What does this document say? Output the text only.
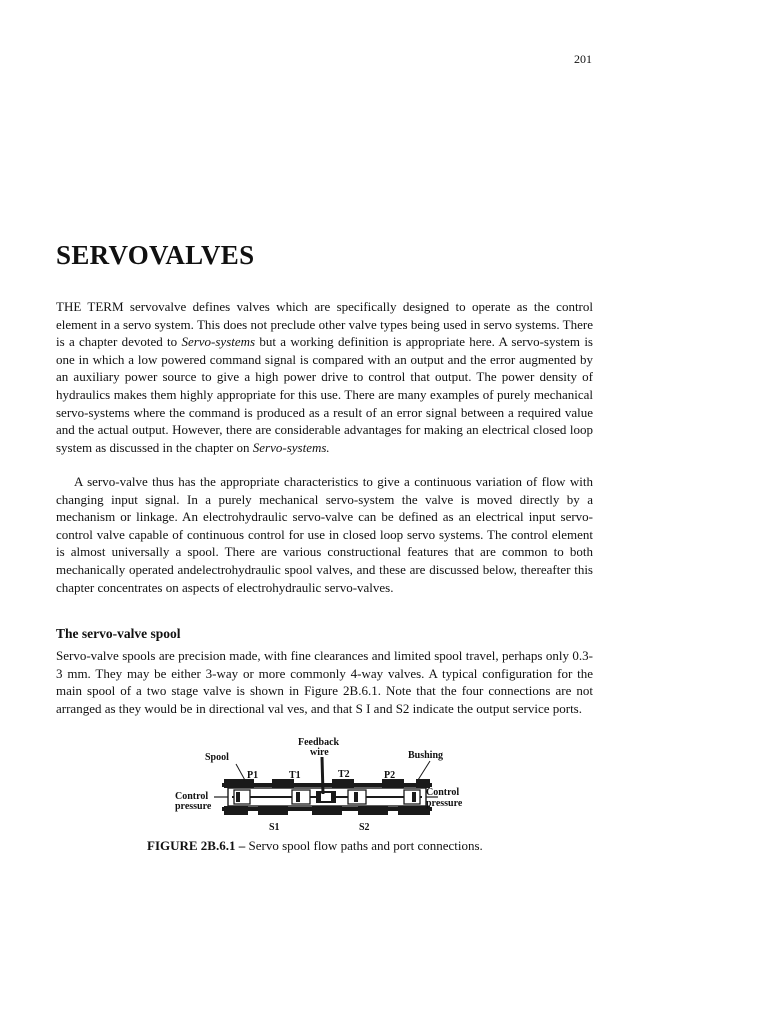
201
SERVOVALVES

THE TERM servovalve defines valves which are specifically designed to operate as the control element in a servo system. This does not preclude other valve types being used in servo systems. There is a chapter devoted to Servo-systems but a working definition is appropriate here. A servo-system is one in which a low powered command signal is compared with an output and the error augmented by an auxiliary power source to give a high power drive to control that output. The power density of hydraulics makes them highly appropriate for this use. There are many examples of purely mechanical servo-systems where the command is produced as a result of an error signal between a required value and the actual output. However, there are considerable advantages for making an electrical closed loop system as discussed in the chapter on Servo-systems.

A servo-valve thus has the appropriate characteristics to give a continuous variation of flow with changing input signal. In a purely mechanical servo-system the valve is moved directly by a mechanism or linkage. An electrohydraulic servo-valve can be defined as an electrical input servo-control valve capable of continuous control for use in closed loop servo systems. The control element is almost universally a spool. There are various constructional features that are common to both mechanically operated andelectrohydraulic spool valves, and these are discussed below, thereafter this chapter concentrates on aspects of electrohydraulic servo-valves.

The servo-valve spool

Servo-valve spools are precision made, with fine clearances and limited spool travel, perhaps only 0.3-3 mm. They may be either 3-way or more commonly 4-way valves. A typical configuration for the main spool of a two stage valve is shown in Figure 2B.6.1. Note that the four connections are not arranged as they would be in directional val ves, and that S I and S2 indicate the output service ports.

Spool
Feedback
wire	Bushing
P1	T1	T2	P2
Control
pressure
Control
pressure
S1	S2

FIGURE 2B.6.1 – Servo spool flow paths and port connections.
